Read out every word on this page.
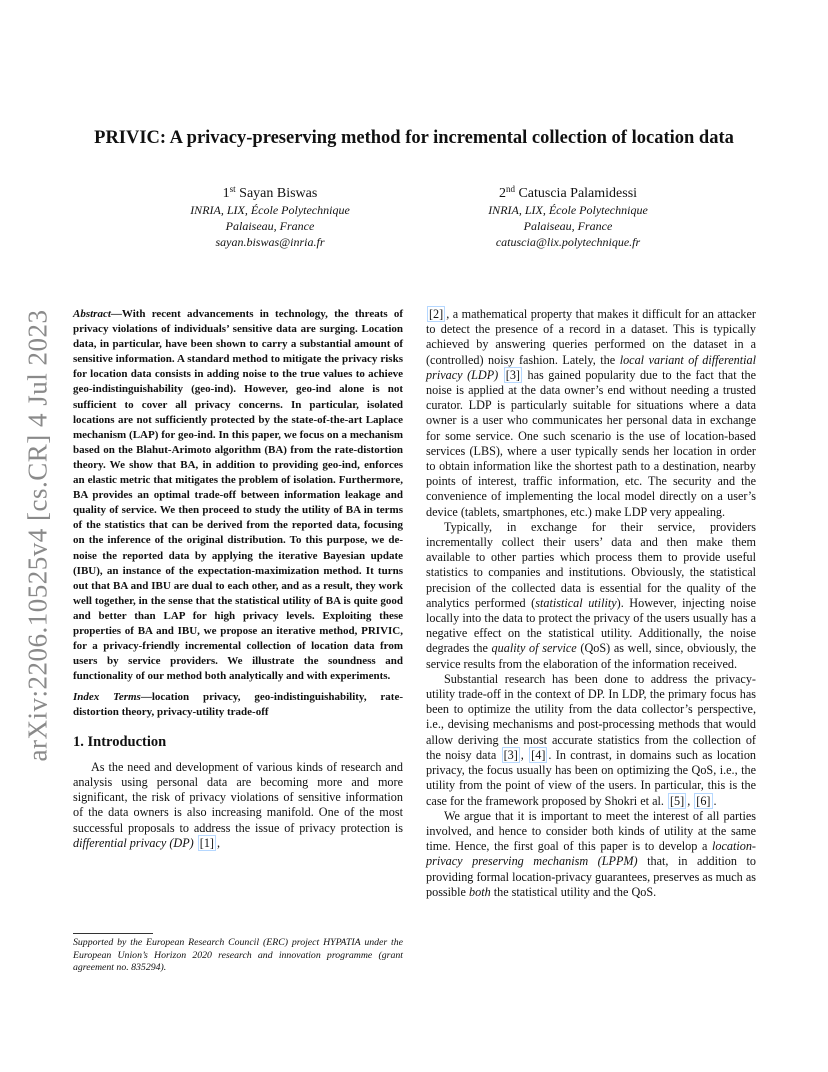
arXiv:2206.10525v4 [cs.CR] 4 Jul 2023
PRIVIC: A privacy-preserving method for incremental collection of location data
1st Sayan Biswas
INRIA, LIX, École Polytechnique
Palaiseau, France
sayan.biswas@inria.fr
2nd Catuscia Palamidessi
INRIA, LIX, École Polytechnique
Palaiseau, France
catuscia@lix.polytechnique.fr

Abstract—With recent advancements in technology, the threats of privacy violations of individuals’ sensitive data are surging. Location data, in particular, have been shown to carry a substantial amount of sensitive information. A standard method to mitigate the privacy risks for location data consists in adding noise to the true values to achieve geo-indistinguishability (geo-ind). However, geo-ind alone is not sufficient to cover all privacy concerns. In particular, isolated locations are not sufficiently protected by the state-of-the-art Laplace mechanism (LAP) for geo-ind. In this paper, we focus on a mechanism based on the Blahut-Arimoto algorithm (BA) from the rate-distortion theory. We show that BA, in addition to providing geo-ind, enforces an elastic metric that mitigates the problem of isolation. Furthermore, BA provides an optimal trade-off between information leakage and quality of service. We then proceed to study the utility of BA in terms of the statistics that can be derived from the reported data, focusing on the inference of the original distribution. To this purpose, we de-noise the reported data by applying the iterative Bayesian update (IBU), an instance of the expectation-maximization method. It turns out that BA and IBU are dual to each other, and as a result, they work well together, in the sense that the statistical utility of BA is quite good and better than LAP for high privacy levels. Exploiting these properties of BA and IBU, we propose an iterative method, PRIVIC, for a privacy-friendly incremental collection of location data from users by service providers. We illustrate the soundness and functionality of our method both analytically and with experiments.

Index Terms—location privacy, geo-indistinguishability, rate-distortion theory, privacy-utility trade-off

1. Introduction

As the need and development of various kinds of research and analysis using personal data are becoming more and more significant, the risk of privacy violations of sensitive information of the data owners is also increasing manifold. One of the most successful proposals to address the issue of privacy protection is differential privacy (DP) [1] ,

[2] , a mathematical property that makes it difficult for an attacker to detect the presence of a record in a dataset. This is typically achieved by answering queries performed on the dataset in a (controlled) noisy fashion. Lately, the local variant of differential privacy (LDP) [3] has gained popularity due to the fact that the noise is applied at the data owner’s end without needing a trusted curator. LDP is particularly suitable for situations where a data owner is a user who communicates her personal data in exchange for some service. One such scenario is the use of location-based services (LBS), where a user typically sends her location in order to obtain information like the shortest path to a destination, nearby points of interest, traffic information, etc. The security and the convenience of implementing the local model directly on a user’s device (tablets, smartphones, etc.) make LDP very appealing.

Typically, in exchange for their service, providers incrementally collect their users’ data and then make them available to other parties which process them to provide useful statistics to companies and institutions. Obviously, the statistical precision of the collected data is essential for the quality of the analytics performed (statistical utility). However, injecting noise locally into the data to protect the privacy of the users usually has a negative effect on the statistical utility. Additionally, the noise degrades the quality of service (QoS) as well, since, obviously, the service results from the elaboration of the information received.

Substantial research has been done to address the privacy-utility trade-off in the context of DP. In LDP, the primary focus has been to optimize the utility from the data collector’s perspective, i.e., devising mechanisms and post-processing methods that would allow deriving the most accurate statistics from the collection of the noisy data [3] , [4] . In contrast, in domains such as location privacy, the focus usually has been on optimizing the QoS, i.e., the utility from the point of view of the users. In particular, this is the case for the framework proposed by Shokri et al. [5] , [6] .

We argue that it is important to meet the interest of all parties involved, and hence to consider both kinds of utility at the same time. Hence, the first goal of this paper is to develop a location-privacy preserving mechanism (LPPM) that, in addition to providing formal location-privacy guarantees, preserves as much as possible both the statistical utility and the QoS.

Supported by the European Research Council (ERC) project HYPATIA under the European Union’s Horizon 2020 research and innovation programme (grant agreement no. 835294).
